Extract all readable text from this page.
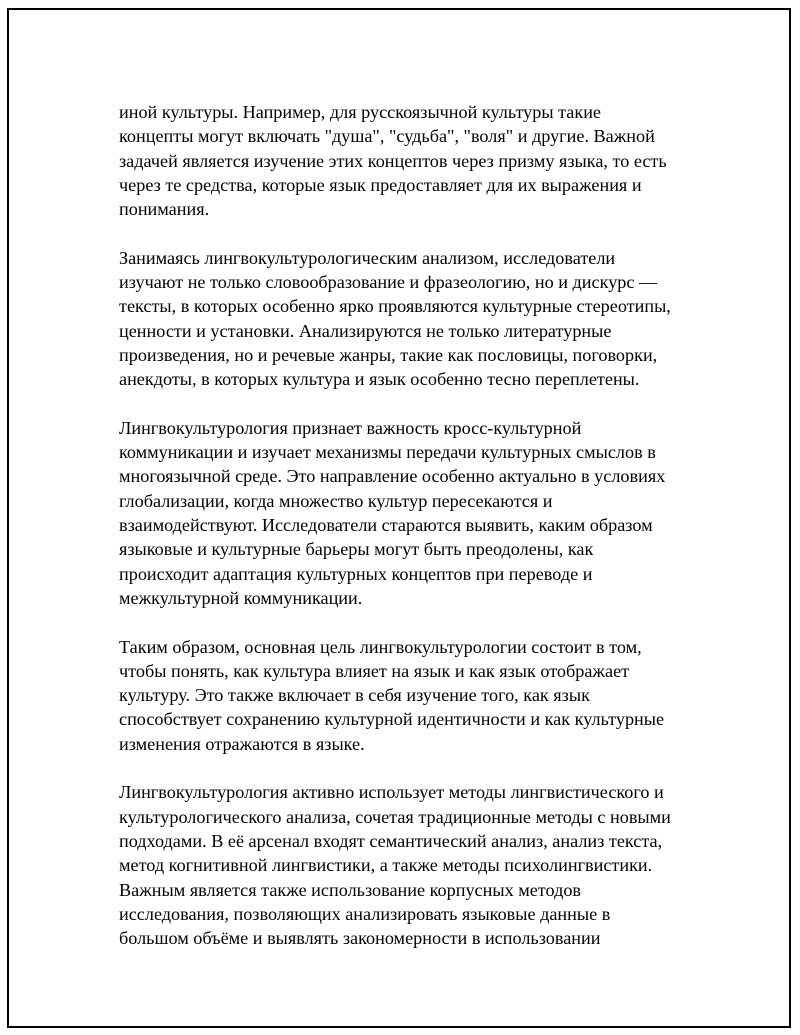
иной культуры. Например, для русскоязычной культуры такие
концепты могут включать "душа", "судьба", "воля" и другие. Важной
задачей является изучение этих концептов через призму языка, то есть
через те средства, которые язык предоставляет для их выражения и
понимания.

Занимаясь лингвокультурологическим анализом, исследователи
изучают не только словообразование и фразеологию, но и дискурс —
тексты, в которых особенно ярко проявляются культурные стереотипы,
ценности и установки. Анализируются не только литературные
произведения, но и речевые жанры, такие как пословицы, поговорки,
анекдоты, в которых культура и язык особенно тесно переплетены.

Лингвокультурология признает важность кросс-культурной
коммуникации и изучает механизмы передачи культурных смыслов в
многоязычной среде. Это направление особенно актуально в условиях
глобализации, когда множество культур пересекаются и
взаимодействуют. Исследователи стараются выявить, каким образом
языковые и культурные барьеры могут быть преодолены, как
происходит адаптация культурных концептов при переводе и
межкультурной коммуникации.

Таким образом, основная цель лингвокультурологии состоит в том,
чтобы понять, как культура влияет на язык и как язык отображает
культуру. Это также включает в себя изучение того, как язык
способствует сохранению культурной идентичности и как культурные
изменения отражаются в языке.

Лингвокультурология активно использует методы лингвистического и
культурологического анализа, сочетая традиционные методы с новыми
подходами. В её арсенал входят семантический анализ, анализ текста,
метод когнитивной лингвистики, а также методы психолингвистики.
Важным является также использование корпусных методов
исследования, позволяющих анализировать языковые данные в
большом объёме и выявлять закономерности в использовании
